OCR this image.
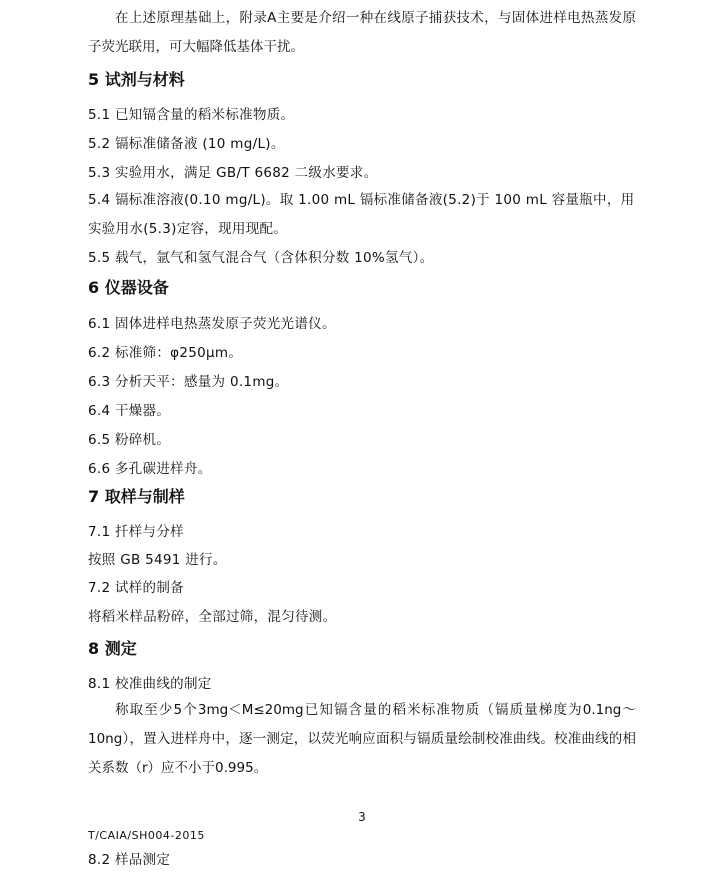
在上述原理基础上，附录A主要是介绍一种在线原子捕获技术，与固体进样电热蒸发原子荧光联用，可大幅降低基体干扰。
5 试剂与材料
5.1 已知镉含量的稻米标准物质。
5.2 镉标准储备液 (10 mg/L)。
5.3 实验用水，满足 GB/T 6682 二级水要求。
5.4 镉标准溶液(0.10 mg/L)。取 1.00 mL 镉标准储备液(5.2)于 100 mL 容量瓶中，用实验用水(5.3)定容，现用现配。
5.5 载气，氩气和氢气混合气（含体积分数 10%氢气）。
6 仪器设备
6.1 固体进样电热蒸发原子荧光光谱仪。
6.2 标准筛：φ250μm。
6.3 分析天平：感量为 0.1mg。
6.4 干燥器。
6.5 粉碎机。
6.6 多孔碳进样舟。
7 取样与制样
7.1 扦样与分样
按照 GB 5491 进行。
7.2 试样的制备
将稻米样品粉碎，全部过筛，混匀待测。
8 测定
8.1 校准曲线的制定
称取至少5个3mg＜M≤20mg已知镉含量的稻米标准物质（镉质量梯度为0.1ng～10ng），置入进样舟中，逐一测定，以荧光响应面积与镉质量绘制校准曲线。校准曲线的相关系数（r）应不小于0.995。
3
T/CAIA/SH004-2015
8.2 样品测定
